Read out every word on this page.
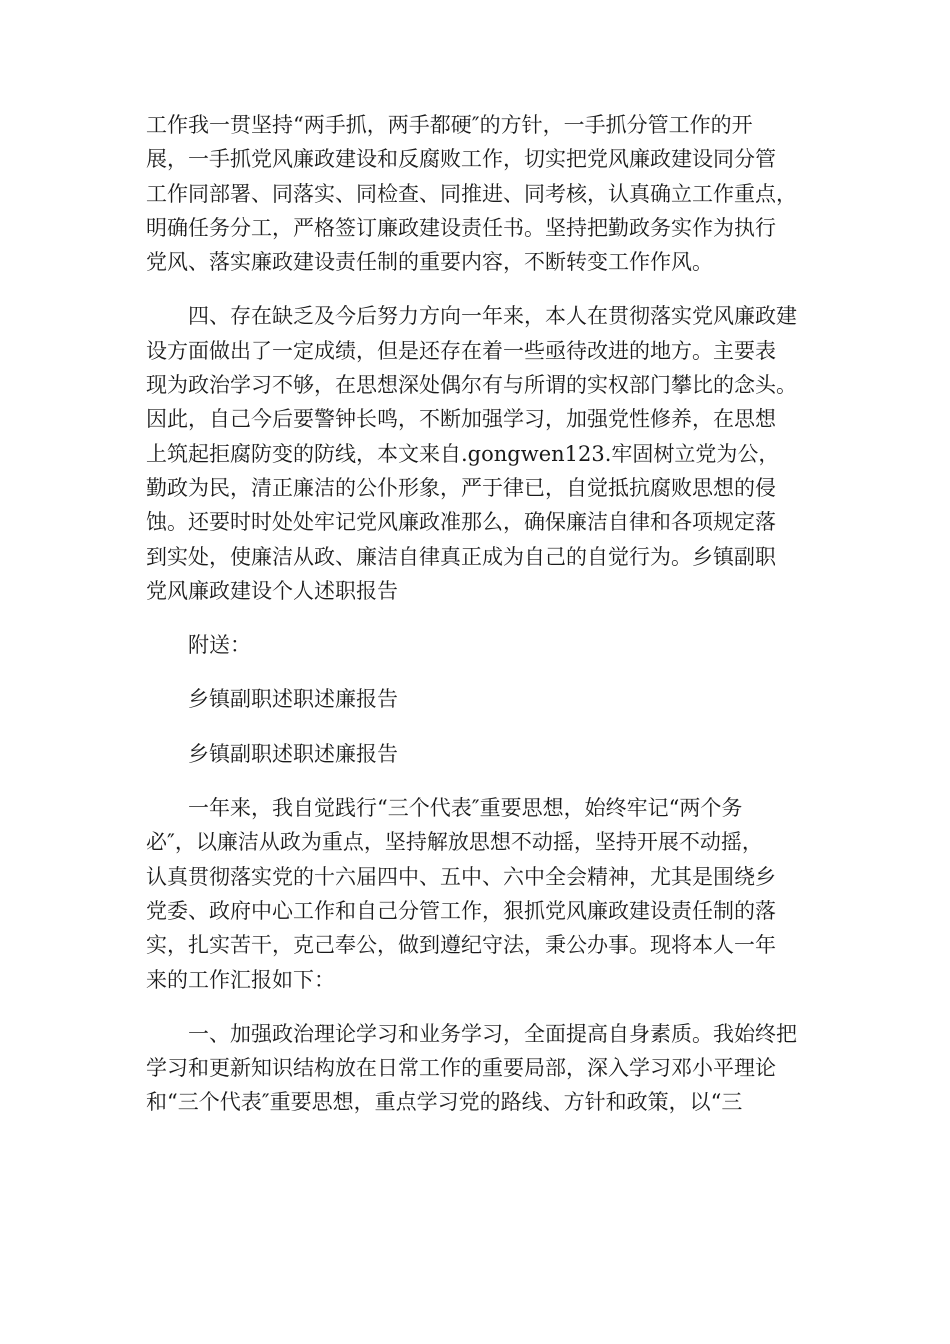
工作我一贯坚持“两手抓，两手都硬″的方针，一手抓分管工作的开
展，一手抓党风廉政建设和反腐败工作，切实把党风廉政建设同分管
工作同部署、同落实、同检查、同推进、同考核，认真确立工作重点，
明确任务分工，严格签订廉政建设责任书。坚持把勤政务实作为执行
党风、落实廉政建设责任制的重要内容，不断转变工作作风。
四、存在缺乏及今后努力方向一年来，本人在贯彻落实党风廉政建
设方面做出了一定成绩，但是还存在着一些亟待改进的地方。主要表
现为政治学习不够，在思想深处偶尔有与所谓的实权部门攀比的念头。
因此，自己今后要警钟长鸣，不断加强学习，加强党性修养，在思想
上筑起拒腐防变的防线，本文来自.gongwen123.牢固树立党为公，
勤政为民，清正廉洁的公仆形象，严于律已，自觉抵抗腐败思想的侵
蚀。还要时时处处牢记党风廉政准那么，确保廉洁自律和各项规定落
到实处，使廉洁从政、廉洁自律真正成为自己的自觉行为。乡镇副职
党风廉政建设个人述职报告
附送：
乡镇副职述职述廉报告
乡镇副职述职述廉报告
一年来，我自觉践行“三个代表″重要思想，始终牢记“两个务
必″，以廉洁从政为重点，坚持解放思想不动摇，坚持开展不动摇，
认真贯彻落实党的十六届四中、五中、六中全会精神，尤其是围绕乡
党委、政府中心工作和自己分管工作，狠抓党风廉政建设责任制的落
实，扎实苦干，克己奉公，做到遵纪守法，秉公办事。现将本人一年
来的工作汇报如下：
一、加强政治理论学习和业务学习，全面提高自身素质。我始终把
学习和更新知识结构放在日常工作的重要局部，深入学习邓小平理论
和“三个代表″重要思想，重点学习党的路线、方针和政策，以“三
